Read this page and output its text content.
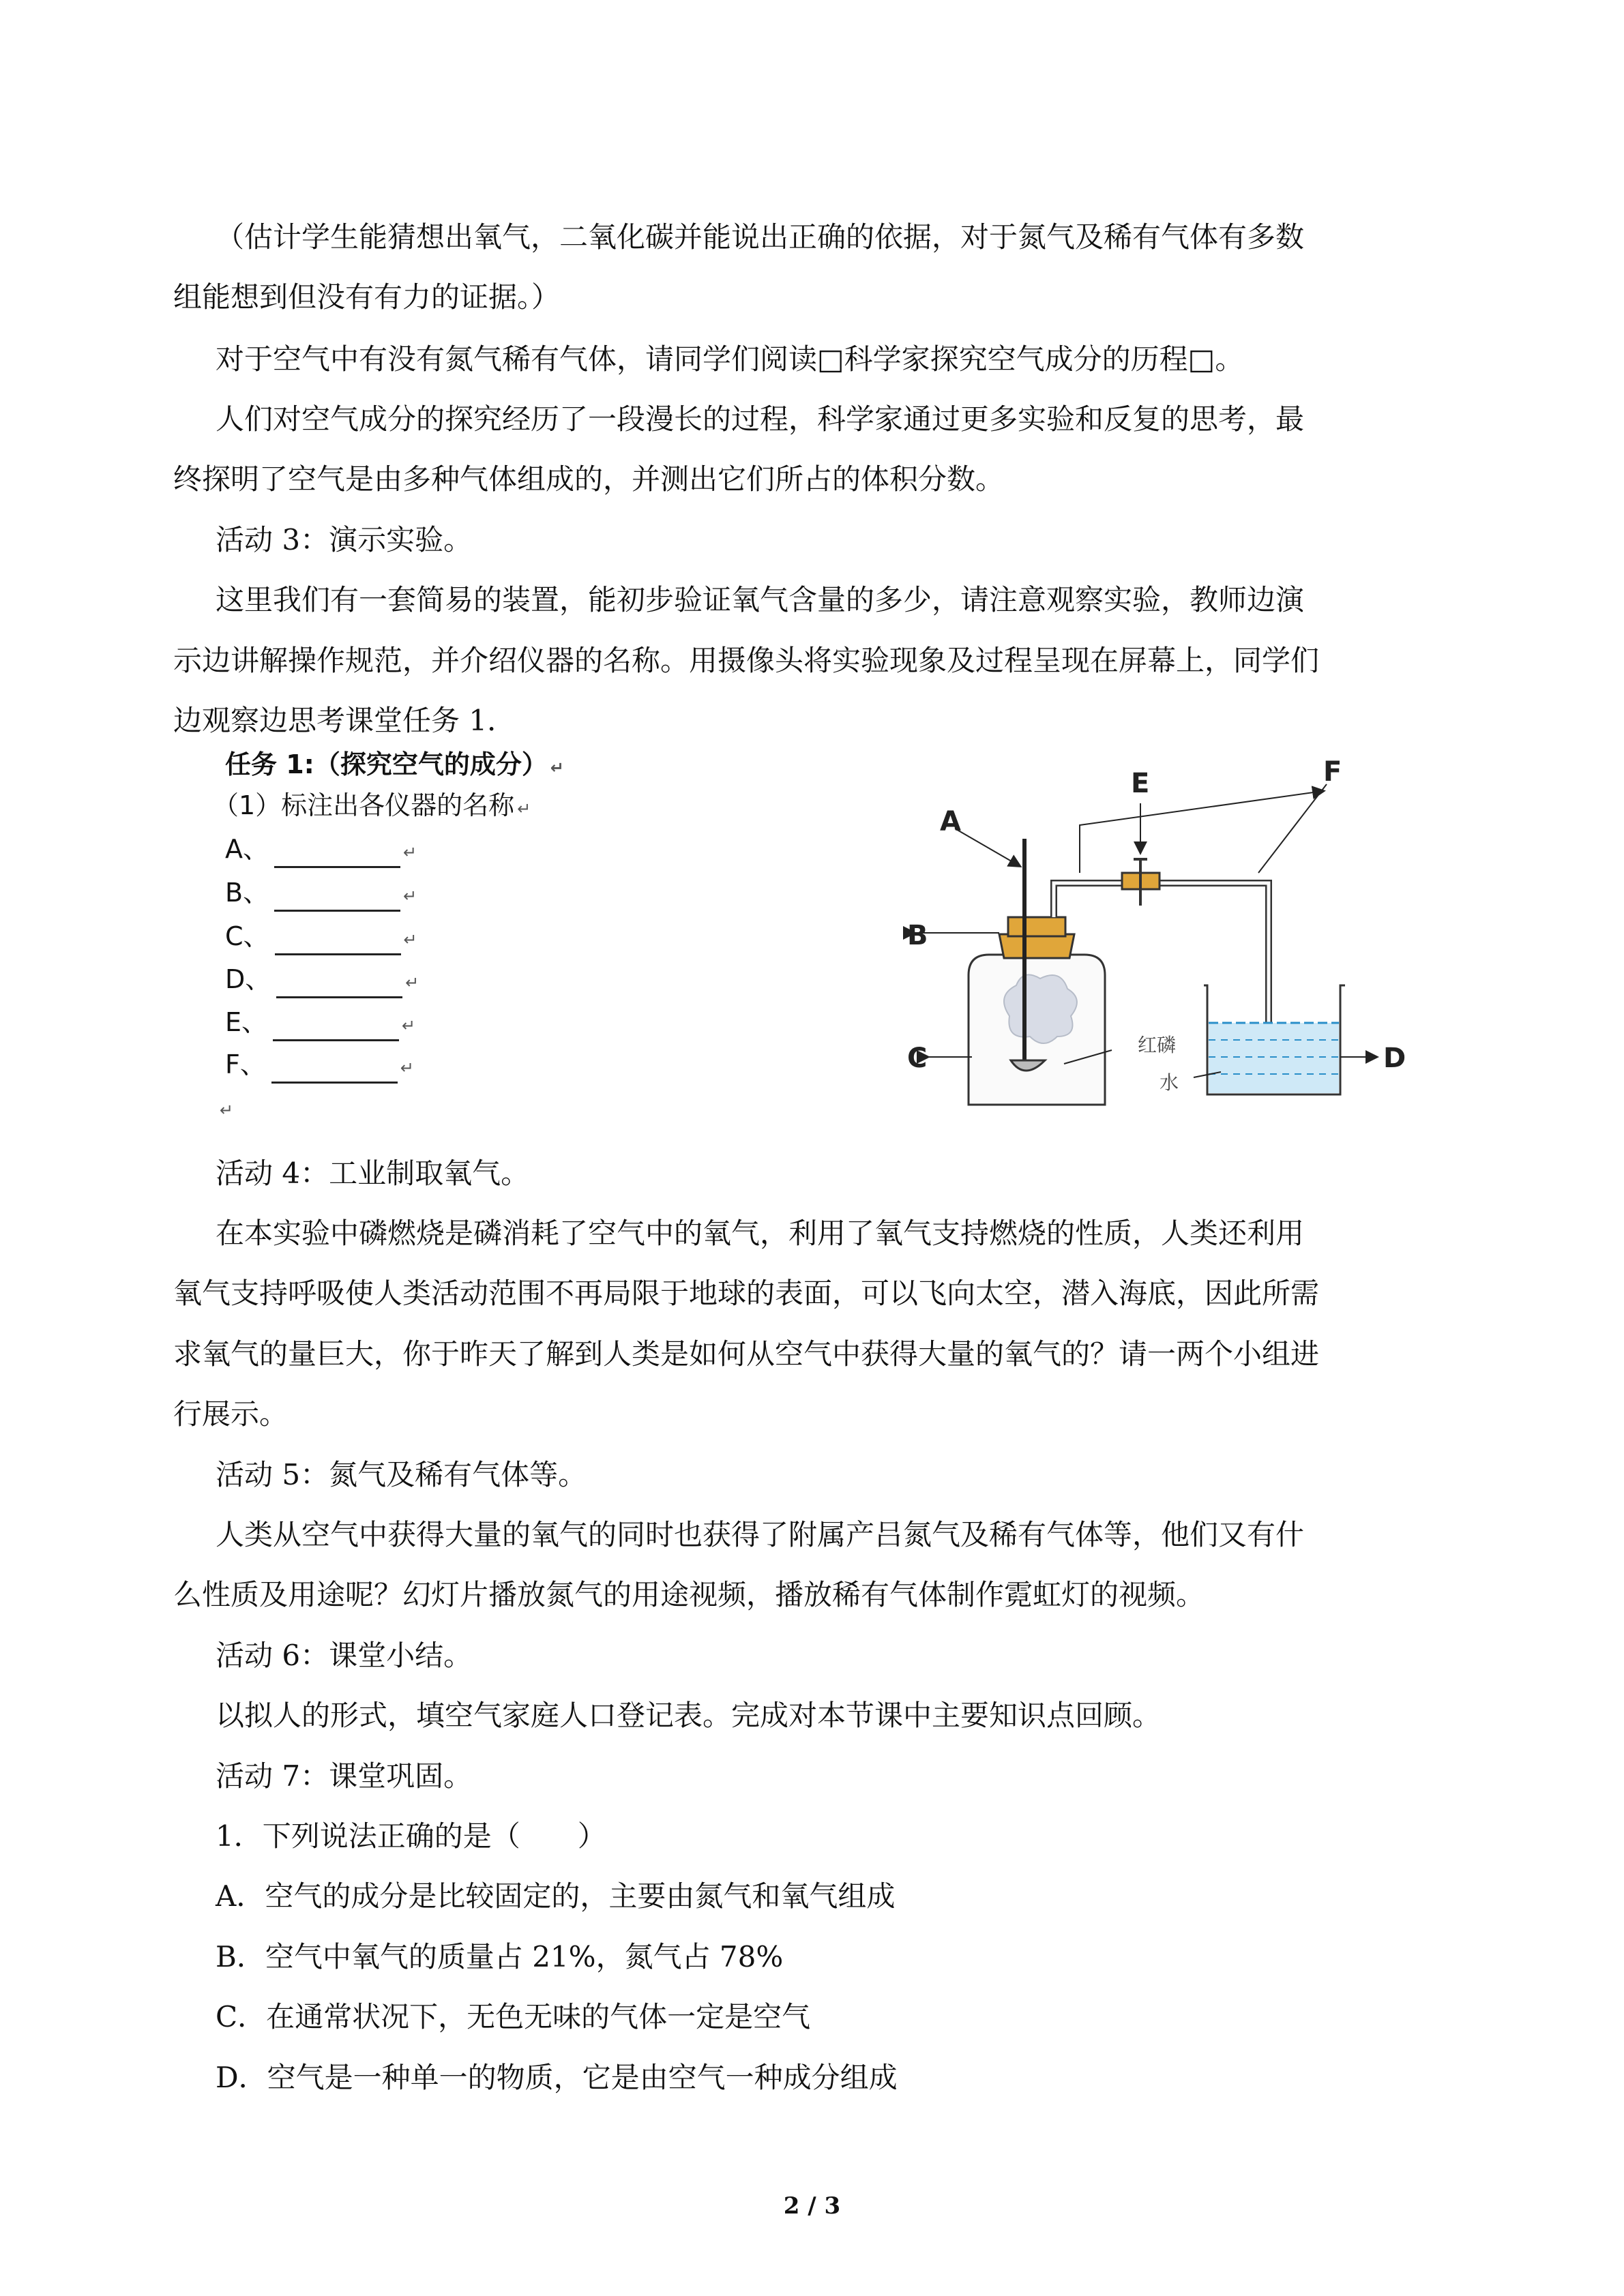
（估计学生能猜想出氧气，二氧化碳并能说出正确的依据，对于氮气及稀有气体有多数
组能想到但没有有力的证据。）
对于空气中有没有氮气稀有气体，请同学们阅读□科学家探究空气成分的历程□。
人们对空气成分的探究经历了一段漫长的过程，科学家通过更多实验和反复的思考，最
终探明了空气是由多种气体组成的，并测出它们所占的体积分数。
活动 3：演示实验。
这里我们有一套简易的装置，能初步验证氧气含量的多少，请注意观察实验，教师边演
示边讲解操作规范，并介绍仪器的名称。用摄像头将实验现象及过程呈现在屏幕上，同学们
边观察边思考课堂任务 1．
任务 1:（探究空气的成分） ↵
（1）标注出各仪器的名称 ↵
A、	↵
B、	↵
C、	↵
D、	↵
E、	↵
F、	↵
↵
A
B
C	D
E	F
红磷
水
活动 4：工业制取氧气。
在本实验中磷燃烧是磷消耗了空气中的氧气，利用了氧气支持燃烧的性质，人类还利用
氧气支持呼吸使人类活动范围不再局限于地球的表面，可以飞向太空，潜入海底，因此所需
求氧气的量巨大，你于昨天了解到人类是如何从空气中获得大量的氧气的？请一两个小组进
行展示。
活动 5：氮气及稀有气体等。
人类从空气中获得大量的氧气的同时也获得了附属产吕氮气及稀有气体等，他们又有什
么性质及用途呢？幻灯片播放氮气的用途视频，播放稀有气体制作霓虹灯的视频。
活动 6：课堂小结。
以拟人的形式，填空气家庭人口登记表。完成对本节课中主要知识点回顾。
活动 7：课堂巩固。
1．下列说法正确的是（　　）
A．空气的成分是比较固定的，主要由氮气和氧气组成
B．空气中氧气的质量占 21%，氮气占 78%
C．在通常状况下，无色无味的气体一定是空气
D．空气是一种单一的物质，它是由空气一种成分组成
2 / 3
